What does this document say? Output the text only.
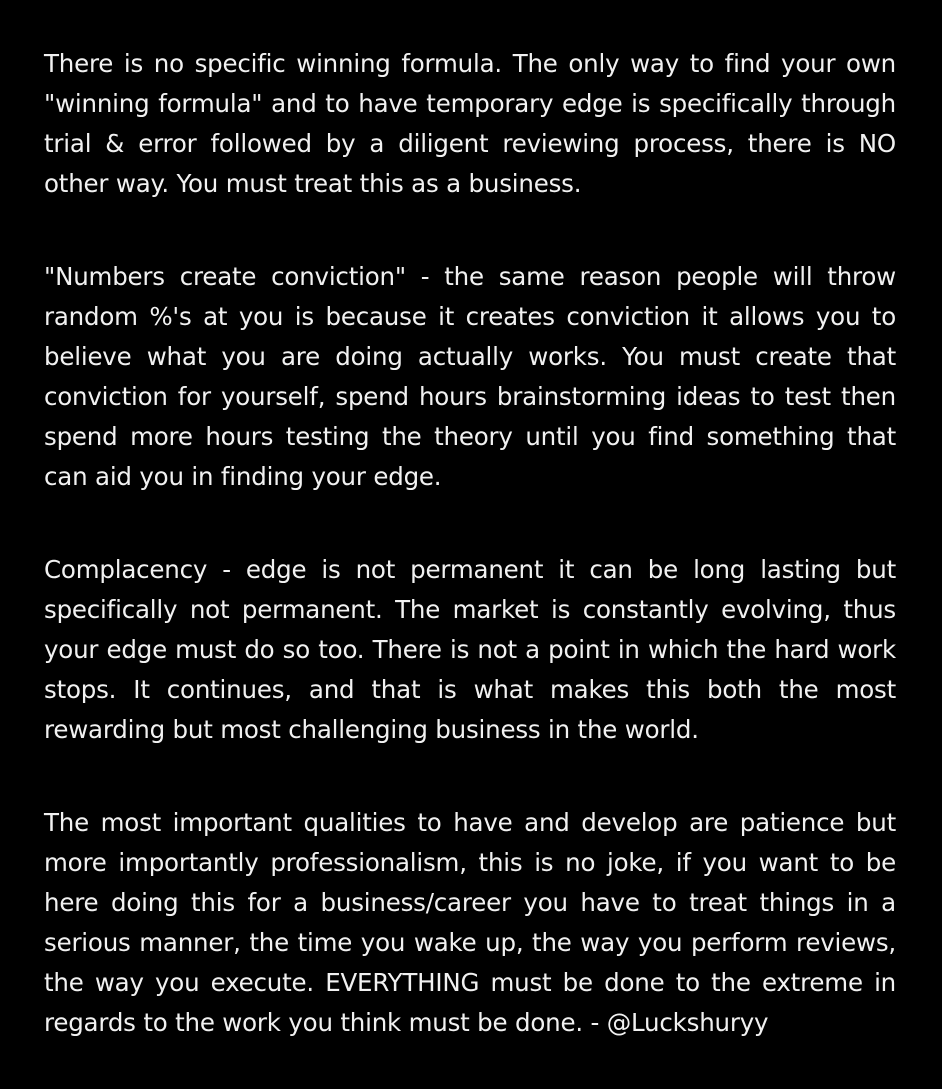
There is no specific winning formula. The only way to find your own "winning formula" and to have temporary edge is specifically through trial & error followed by a diligent reviewing process, there is NO other way. You must treat this as a business.

"Numbers create conviction" - the same reason people will throw random %'s at you is because it creates conviction it allows you to believe what you are doing actually works. You must create that conviction for yourself, spend hours brainstorming ideas to test then spend more hours testing the theory until you find something that can aid you in finding your edge.

Complacency - edge is not permanent it can be long lasting but specifically not permanent. The market is constantly evolving, thus your edge must do so too. There is not a point in which the hard work stops. It continues, and that is what makes this both the most rewarding but most challenging business in the world.

The most important qualities to have and develop are patience but more importantly professionalism, this is no joke, if you want to be here doing this for a business/career you have to treat things in a serious manner, the time you wake up, the way you perform reviews, the way you execute. EVERYTHING must be done to the extreme in regards to the work you think must be done. - @Luckshuryy
